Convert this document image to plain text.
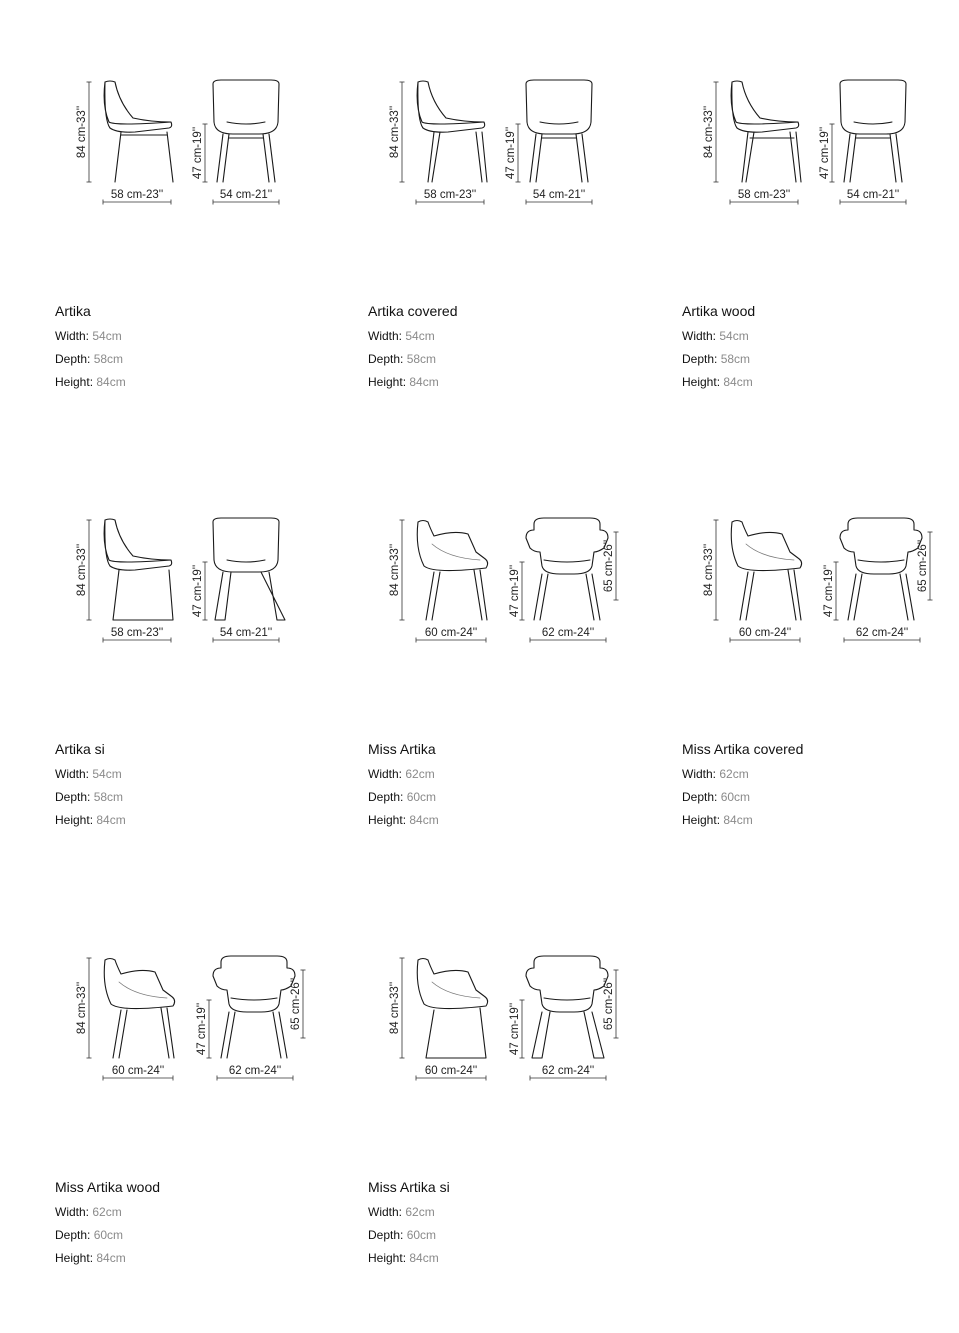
84 cm-33''	47 cm-19''
58 cm-23''	54 cm-21''
Artika
Width: 54cm
Depth: 58cm
Height: 84cm
84 cm-33''	47 cm-19''
58 cm-23''	54 cm-21''
Artika covered
Width: 54cm
Depth: 58cm
Height: 84cm
84 cm-33''	47 cm-19''
58 cm-23''	54 cm-21''
Artika wood
Width: 54cm
Depth: 58cm
Height: 84cm
84 cm-33''	47 cm-19''
58 cm-23''	54 cm-21''
Artika si
Width: 54cm
Depth: 58cm
Height: 84cm
84 cm-33''	47 cm-19''	65 cm-26''
60 cm-24''	62 cm-24''
Miss Artika
Width: 62cm
Depth: 60cm
Height: 84cm
84 cm-33''	47 cm-19''	65 cm-26''
60 cm-24''	62 cm-24''
Miss Artika covered
Width: 62cm
Depth: 60cm
Height: 84cm
84 cm-33''	47 cm-19''	65 cm-26''
60 cm-24''	62 cm-24''
Miss Artika wood
Width: 62cm
Depth: 60cm
Height: 84cm
84 cm-33''	47 cm-19''	65 cm-26''
60 cm-24''	62 cm-24''
Miss Artika si
Width: 62cm
Depth: 60cm
Height: 84cm
